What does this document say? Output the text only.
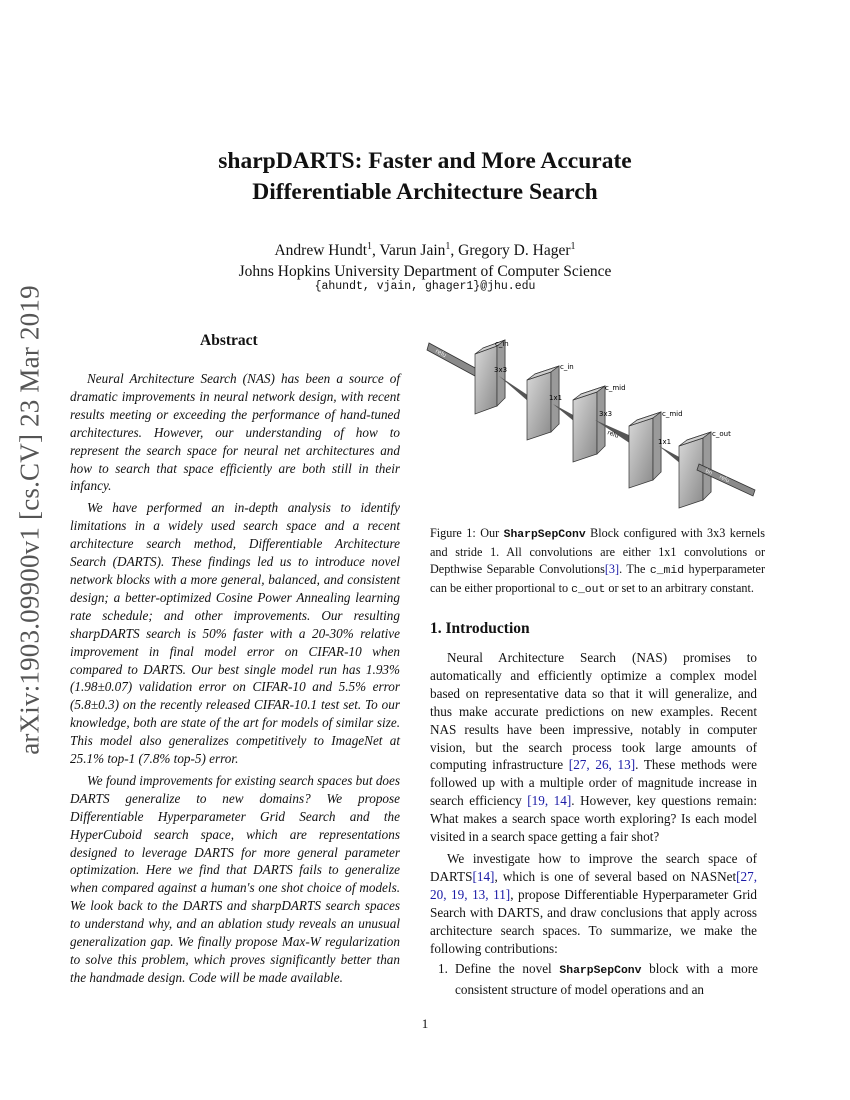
arXiv:1903.09900v1 [cs.CV] 23 Mar 2019
sharpDARTS: Faster and More Accurate
Differentiable Architecture Search
Andrew Hundt$^1$, Varun Jain$^1$, Gregory D. Hager$^1$
Johns Hopkins University Department of Computer Science
{ahundt, vjain, ghager1}@jhu.edu
Abstract

Neural Architecture Search (NAS) has been a source of dramatic improvements in neural network design, with recent results meeting or exceeding the performance of hand-tuned architectures. However, our understanding of how to represent the search space for neural net architectures and how to search that space efficiently are both still in their infancy.

We have performed an in-depth analysis to identify limitations in a widely used search space and a recent architecture search method, Differentiable Architecture Search (DARTS). These findings led us to introduce novel network blocks with a more general, balanced, and consistent design; a better-optimized Cosine Power Annealing learning rate schedule; and other improvements. Our resulting sharpDARTS search is 50% faster with a 20-30% relative improvement in final model error on CIFAR-10 when compared to DARTS. Our best single model run has 1.93% (1.98±0.07) validation error on CIFAR-10 and 5.5% error (5.8±0.3) on the recently released CIFAR-10.1 test set. To our knowledge, both are state of the art for models of similar size. This model also generalizes competitively to ImageNet at 25.1% top-1 (7.8% top-5) error.

We found improvements for existing search spaces but does DARTS generalize to new domains? We propose Differentiable Hyperparameter Grid Search and the HyperCuboid search space, which are representations designed to leverage DARTS for more general parameter optimization. Here we find that DARTS fails to generalize when compared against a human's one shot choice of models. We look back to the DARTS and sharpDARTS search spaces to understand why, and an ablation study reveals an unusual generalization gap. We finally propose Max-W regularization to solve this problem, which proves significantly better than the handmade design. Code will be made available.

relu
c_in
3x3	c_in
1x1
c_mid
3x3
relu
c_mid
1x1
c_out
bn
relu
Figure 1: Our SharpSepConv Block configured with 3x3 kernels and stride 1. All convolutions are either 1x1 convolutions or Depthwise Separable Convolutions[3]. The c_mid hyperparameter can be either proportional to c_out or set to an arbitrary constant.
1. Introduction

Neural Architecture Search (NAS) promises to automatically and efficiently optimize a complex model based on representative data so that it will generalize, and thus make accurate predictions on new examples. Recent NAS results have been impressive, notably in computer vision, but the search process took large amounts of computing infrastructure [27, 26, 13]. These methods were followed up with a multiple order of magnitude increase in search efficiency [19, 14]. However, key questions remain: What makes a search space worth exploring? Is each model visited in a search space getting a fair shot?

We investigate how to improve the search space of DARTS[14], which is one of several based on NASNet[27, 20, 19, 13, 11], propose Differentiable Hyperparameter Grid Search with DARTS, and draw conclusions that apply across architecture search spaces. To summarize, we make the following contributions:

1. Define the novel SharpSepConv block with a more consistent structure of model operations and an
1
